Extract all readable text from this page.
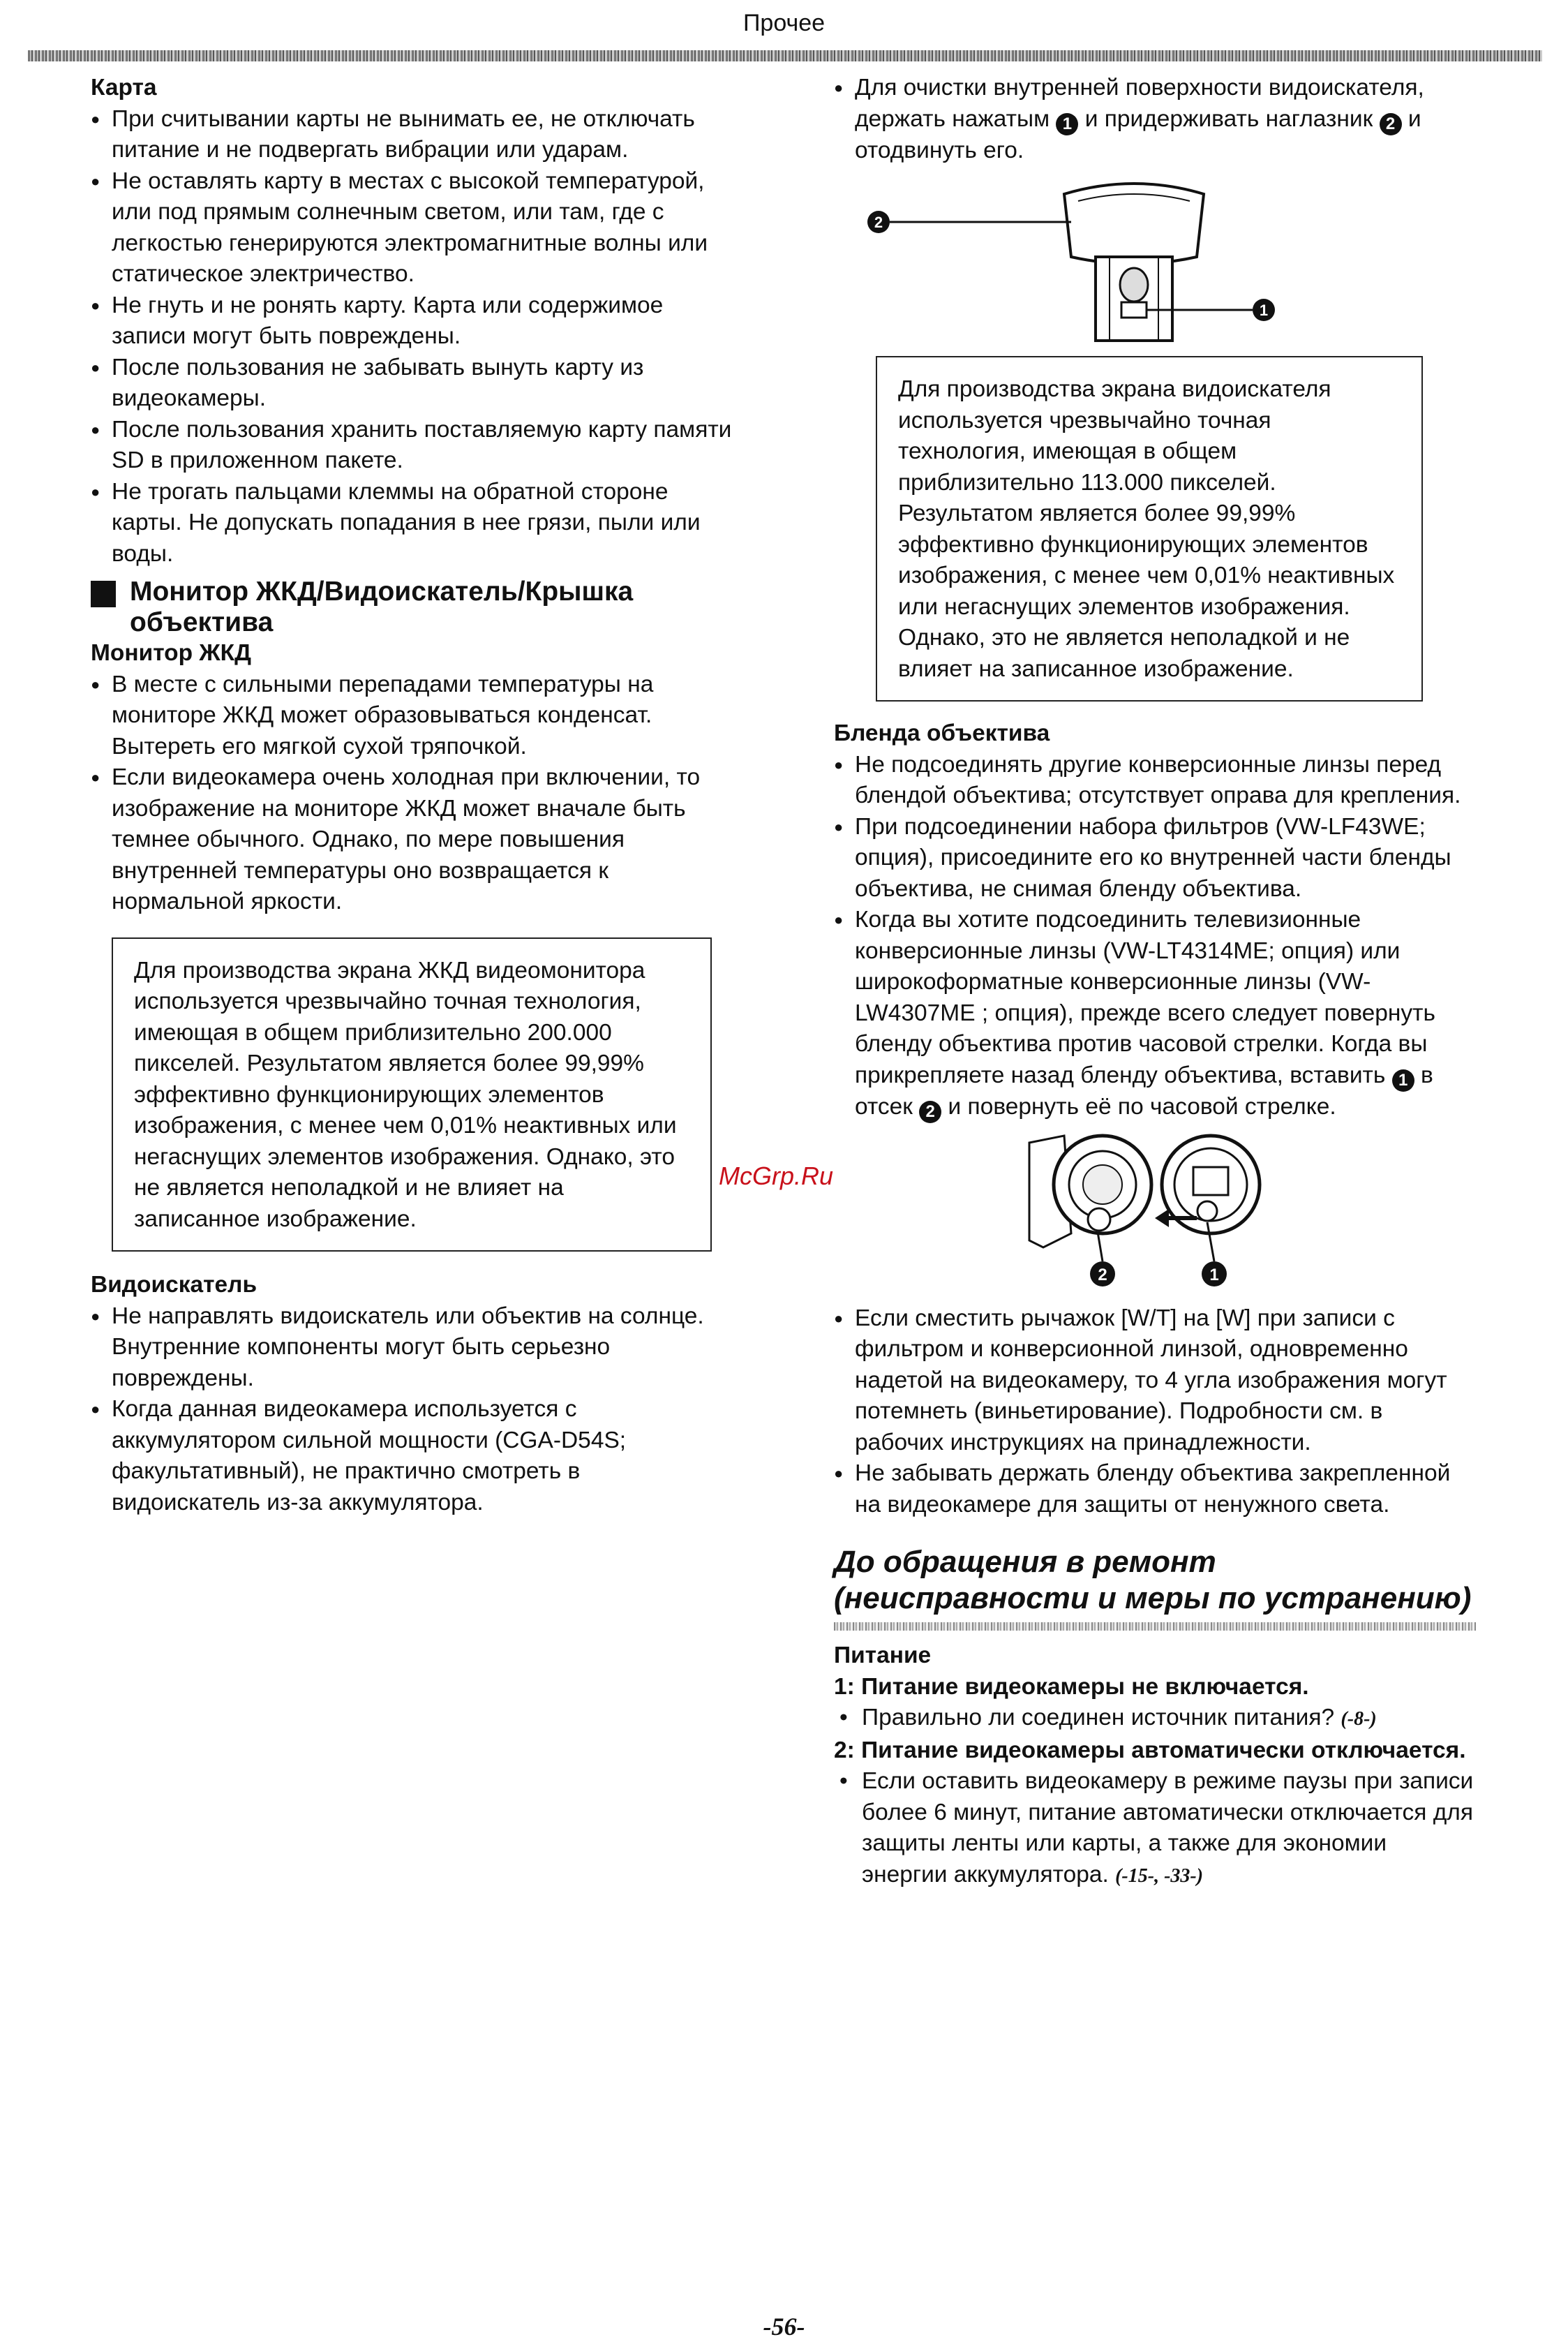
Прочее
Карта
● При считывании карты не вынимать ее, не отключать питание и не подвергать вибрации или ударам.
● Не оставлять карту в местах с высокой температурой, или под прямым солнечным светом, или там, где с легкостью генерируются электромагнитные волны или статическое электричество.
● Не гнуть и не ронять карту. Карта или содержимое записи могут быть повреждены.
● После пользования не забывать вынуть карту из видеокамеры.
● После пользования хранить поставляемую карту памяти SD в приложенном пакете.
● Не трогать пальцами клеммы на обратной стороне карты. Не допускать попадания в нее грязи, пыли или воды.
Монитор ЖКД/Видоискатель/Крышка объектива
Монитор ЖКД
● В месте с сильными перепадами температуры на мониторе ЖКД может образовываться конденсат. Вытереть его мягкой сухой тряпочкой.
● Если видеокамера очень холодная при включении, то изображение на мониторе ЖКД может вначале быть темнее обычного. Однако, по мере повышения внутренней температуры оно возвращается к нормальной яркости.
Для производства экрана ЖКД видеомонитора используется чрезвычайно точная технология, имеющая в общем приблизительно 200.000 пикселей. Результатом является более 99,99% эффективно функционирующих элементов изображения, с менее чем 0,01% неактивных или негаснущих элементов изображения. Однако, это не является неполадкой и не влияет на записанное изображение.
Видоискатель
● Не направлять видоискатель или объектив на солнце. Внутренние компоненты могут быть серьезно повреждены.
● Когда данная видеокамера используется с аккумулятором сильной мощности (CGA-D54S; факультативный), не практично смотреть в видоискатель из-за аккумулятора.
● Для очистки внутренней поверхности видоискателя, держать нажатым 1 и придерживать наглазник 2 и отодвинуть его.
2
1
Для производства экрана видоискателя используется чрезвычайно точная технология, имеющая в общем приблизительно 113.000 пикселей. Результатом является более 99,99% эффективно функционирующих элементов изображения, с менее чем 0,01% неактивных или негаснущих элементов изображения. Однако, это не является неполадкой и не влияет на записанное изображение.
Бленда объектива
● Не подсоединять другие конверсионные линзы перед блендой объектива; отсутствует оправа для крепления.
● При подсоединении набора фильтров (VW-LF43WE; опция), присоедините его ко внутренней части бленды объектива, не снимая бленду объектива.
● Когда вы хотите подсоединить телевизионные конверсионные линзы (VW-LT4314ME; опция) или широкоформатные конверсионные линзы (VW-LW4307ME ; опция), прежде всего следует повернуть бленду объектива против часовой стрелки. Когда вы прикрепляете назад бленду объектива, вставить 1 в отсек 2 и повернуть её по часовой стрелке.
2	1
● Если сместить рычажок [W/T] на [W] при записи с фильтром и конверсионной линзой, одновременно надетой на видеокамеру, то 4 угла изображения могут потемнеть (виньетирование). Подробности см. в рабочих инструкциях на принадлежности.
● Не забывать держать бленду объектива закрепленной на видеокамере для защиты от ненужного света.
До обращения в ремонт (неисправности и меры по устранению)
Питание
1: Питание видеокамеры не включается.
• Правильно ли соединен источник питания? (-8-)
2: Питание видеокамеры автоматически отключается.
• Если оставить видеокамеру в режиме паузы при записи более 6 минут, питание автоматически отключается для защиты ленты или карты, а также для экономии энергии аккумулятора. (-15-, -33-)
McGrp.Ru
-56-
